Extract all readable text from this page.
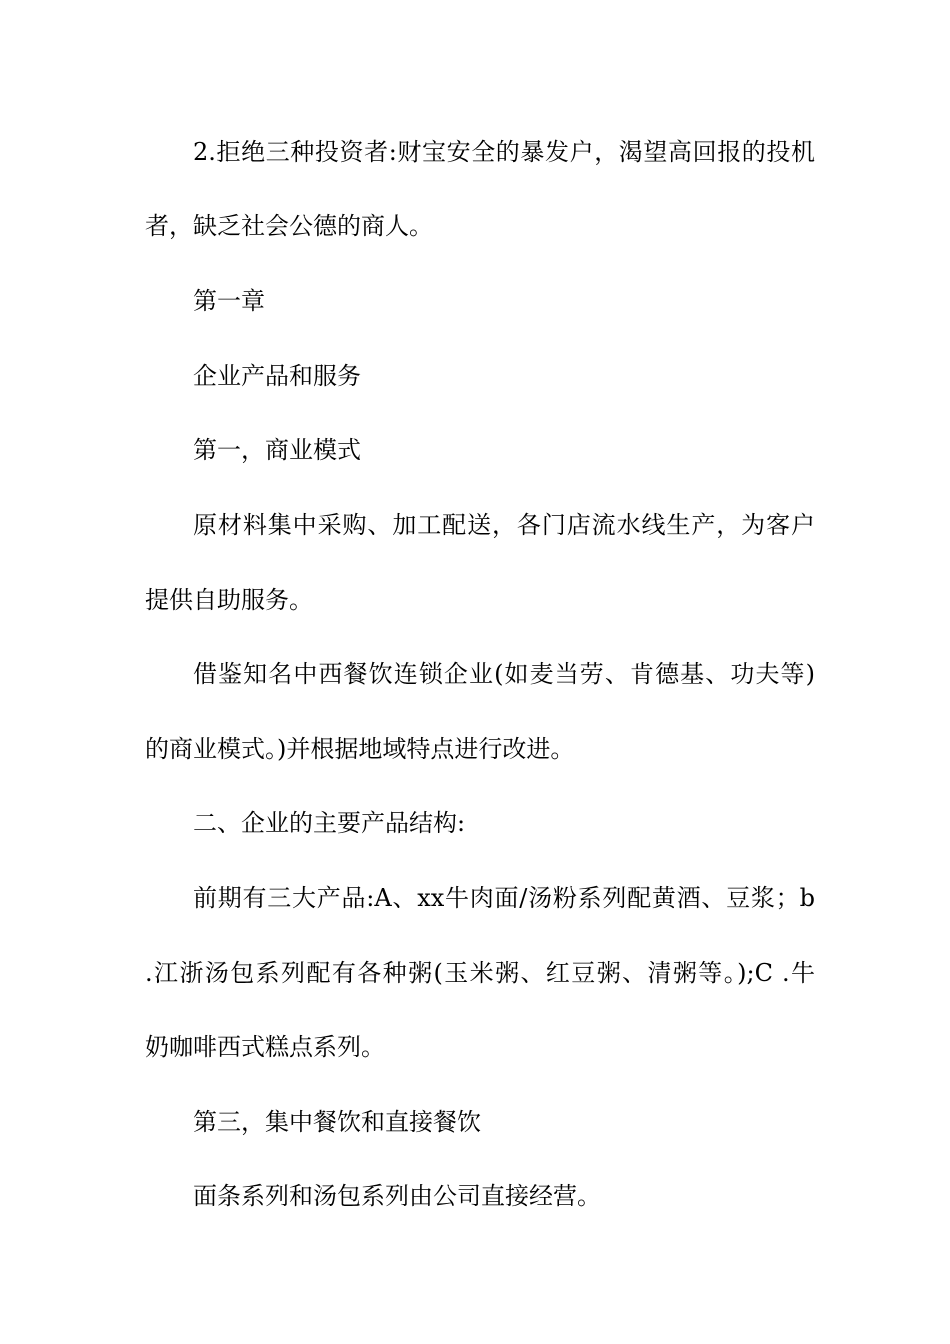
2.拒绝三种投资者:财宝安全的暴发户，渴望高回报的投机
者，缺乏社会公德的商人。
第一章
企业产品和服务
第一，商业模式
原材料集中采购、加工配送，各门店流水线生产，为客户
提供自助服务。
借鉴知名中西餐饮连锁企业(如麦当劳、肯德基、功夫等)
的商业模式。)并根据地域特点进行改进。
二、企业的主要产品结构:
前期有三大产品:A、xx牛肉面/汤粉系列配黄酒、豆浆；b
.江浙汤包系列配有各种粥(玉米粥、红豆粥、清粥等。);C .牛
奶咖啡西式糕点系列。
第三，集中餐饮和直接餐饮
面条系列和汤包系列由公司直接经营。
